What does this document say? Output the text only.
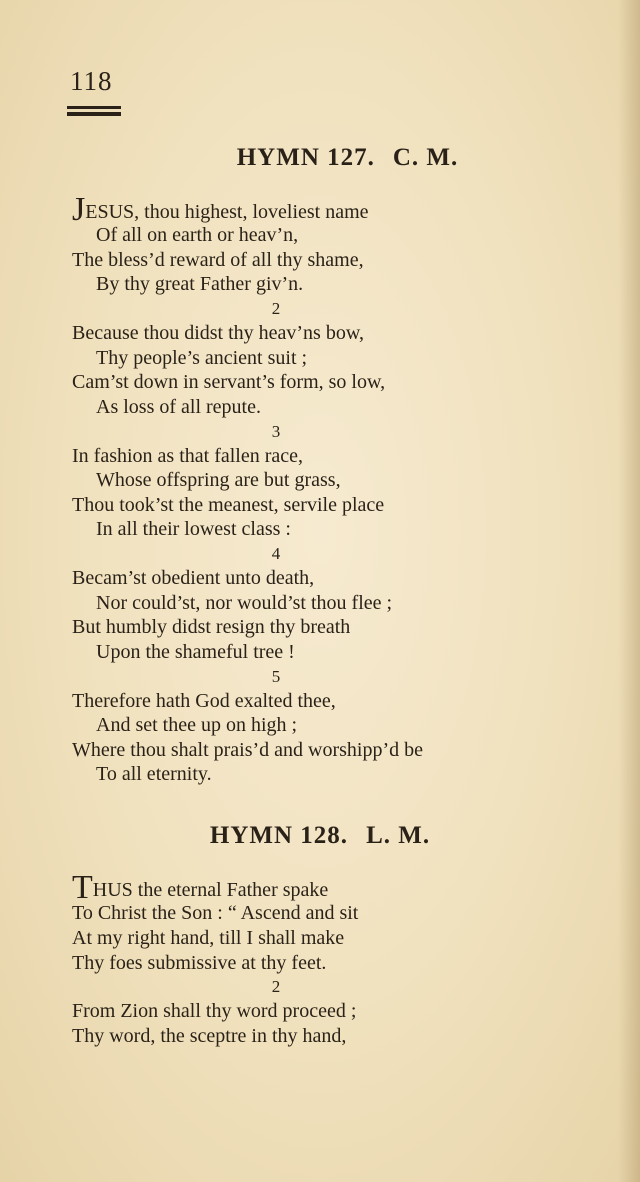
118

HYMN 127. C. M.

JESUS, thou highest, loveliest name

Of all on earth or heav’n,

The bless’d reward of all thy shame,

By thy great Father giv’n.

2

Because thou didst thy heav’ns bow,

Thy people’s ancient suit ;

Cam’st down in servant’s form, so low,

As loss of all repute.

3

In fashion as that fallen race,

Whose offspring are but grass,

Thou took’st the meanest, servile place

In all their lowest class :

4

Becam’st obedient unto death,

Nor could’st, nor would’st thou flee ;

But humbly didst resign thy breath

Upon the shameful tree !

5

Therefore hath God exalted thee,

And set thee up on high ;

Where thou shalt prais’d and worshipp’d be

To all eternity.

HYMN 128. L. M.

THUS the eternal Father spake

To Christ the Son : “ Ascend and sit

At my right hand, till I shall make

Thy foes submissive at thy feet.

2

From Zion shall thy word proceed ;

Thy word, the sceptre in thy hand,
